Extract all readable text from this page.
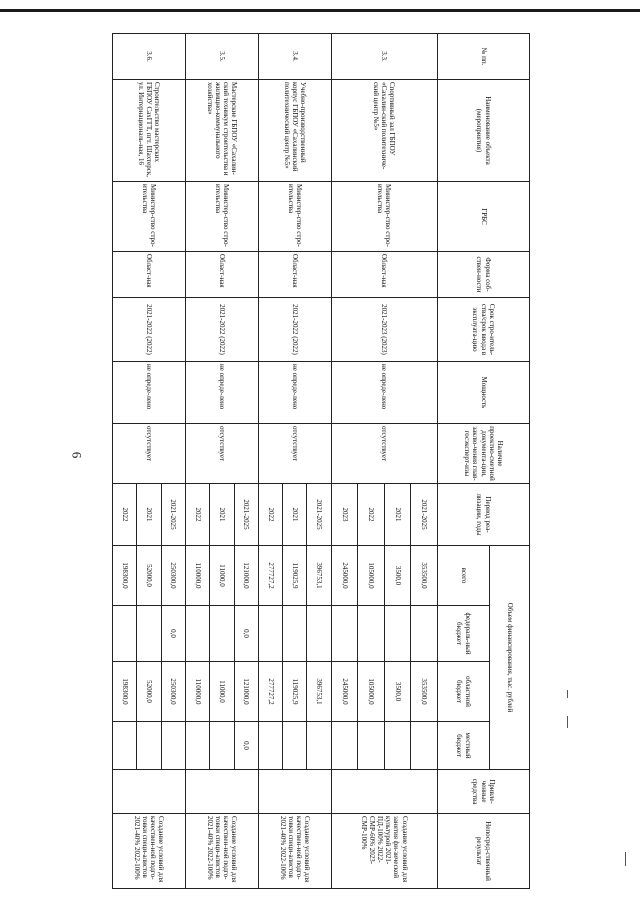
6
№ пп.	Наименование объекта (мероприятия)	ГРБС	Форма соб-ствен-ности	Срок стро-итель-ства/срок ввода в эксплуата-цию	Мощность	Наличие проектно-сметной документа-ции, заклю-чения глав-госэксперт-изы	Период реа-лизации, годы	Объем финансирования, тыс. рублей				Привле-ченные средства	Непосред-ственный результат
								всего	федераль-ный бюджет	областной бюджет	местный бюджет		
3.3.	Спортивный зал ГБПОУ «Сахалин-ский политехниче-ский центр №5»	Министер-ство стро-ительства	Област-ная	2021-2023 (2023)	не опреде-лено	отсутствует	2021-2025	353500,0		353500,0			Создание условий для занятия фи-зической культурой 2021-ПД-100% 2022-СМР-60% 2023-СМР-100%
							2021	3500,0		3500,0			
							2022	105000,0		105000,0			
							2023	245000,0		245000,0			
3.4.	Учебно-производственный корпус ГБПОУ «Сахалинский политехнический центр №5»	Министер-ство стро-ительства	Област-ная	2021-2022 (2022)	не опреде-лено	отсутствует	2021-2025	396753,1		396753,1			Создание условий для качествен-ной подго-товки специ-алистов 2021-40% 2022-100%
							2021	119025,9		119025,9			
							2022	277727,2		277727,2			
3.5.	Мастерские ГБПОУ «Сахалин-ский техникум строительства и жилищно-коммунального хозяйства»	Министер-ство стро-ительства	Област-ная	2021-2022 (2022)	не опреде-лено	отсутствует	2021-2025	121000,0	0,0	121000,0	0,0		Создание условий для качествен-ной подго-товки специ-алистов 2021-40% 2022-100%
							2021	11000,0		11000,0			
							2022	110000,0		110000,0			
3.6.	Строительство мастерских ГБПОУ СахГГТ, пгт. Шахтерск, ул. Интернациональ-ная, 16	Министер-ство стро-ительства	Област-ная	2021-2022 (2022)	не опреде-лено	отсутствует	2021-2025	250300,0	0,0	250300,0			Создание условий для качествен-ной подго-товки специ-алистов 2021-40% 2022-100%
							2021	52000,0		52000,0			
							2022	198300,0		198300,0			
